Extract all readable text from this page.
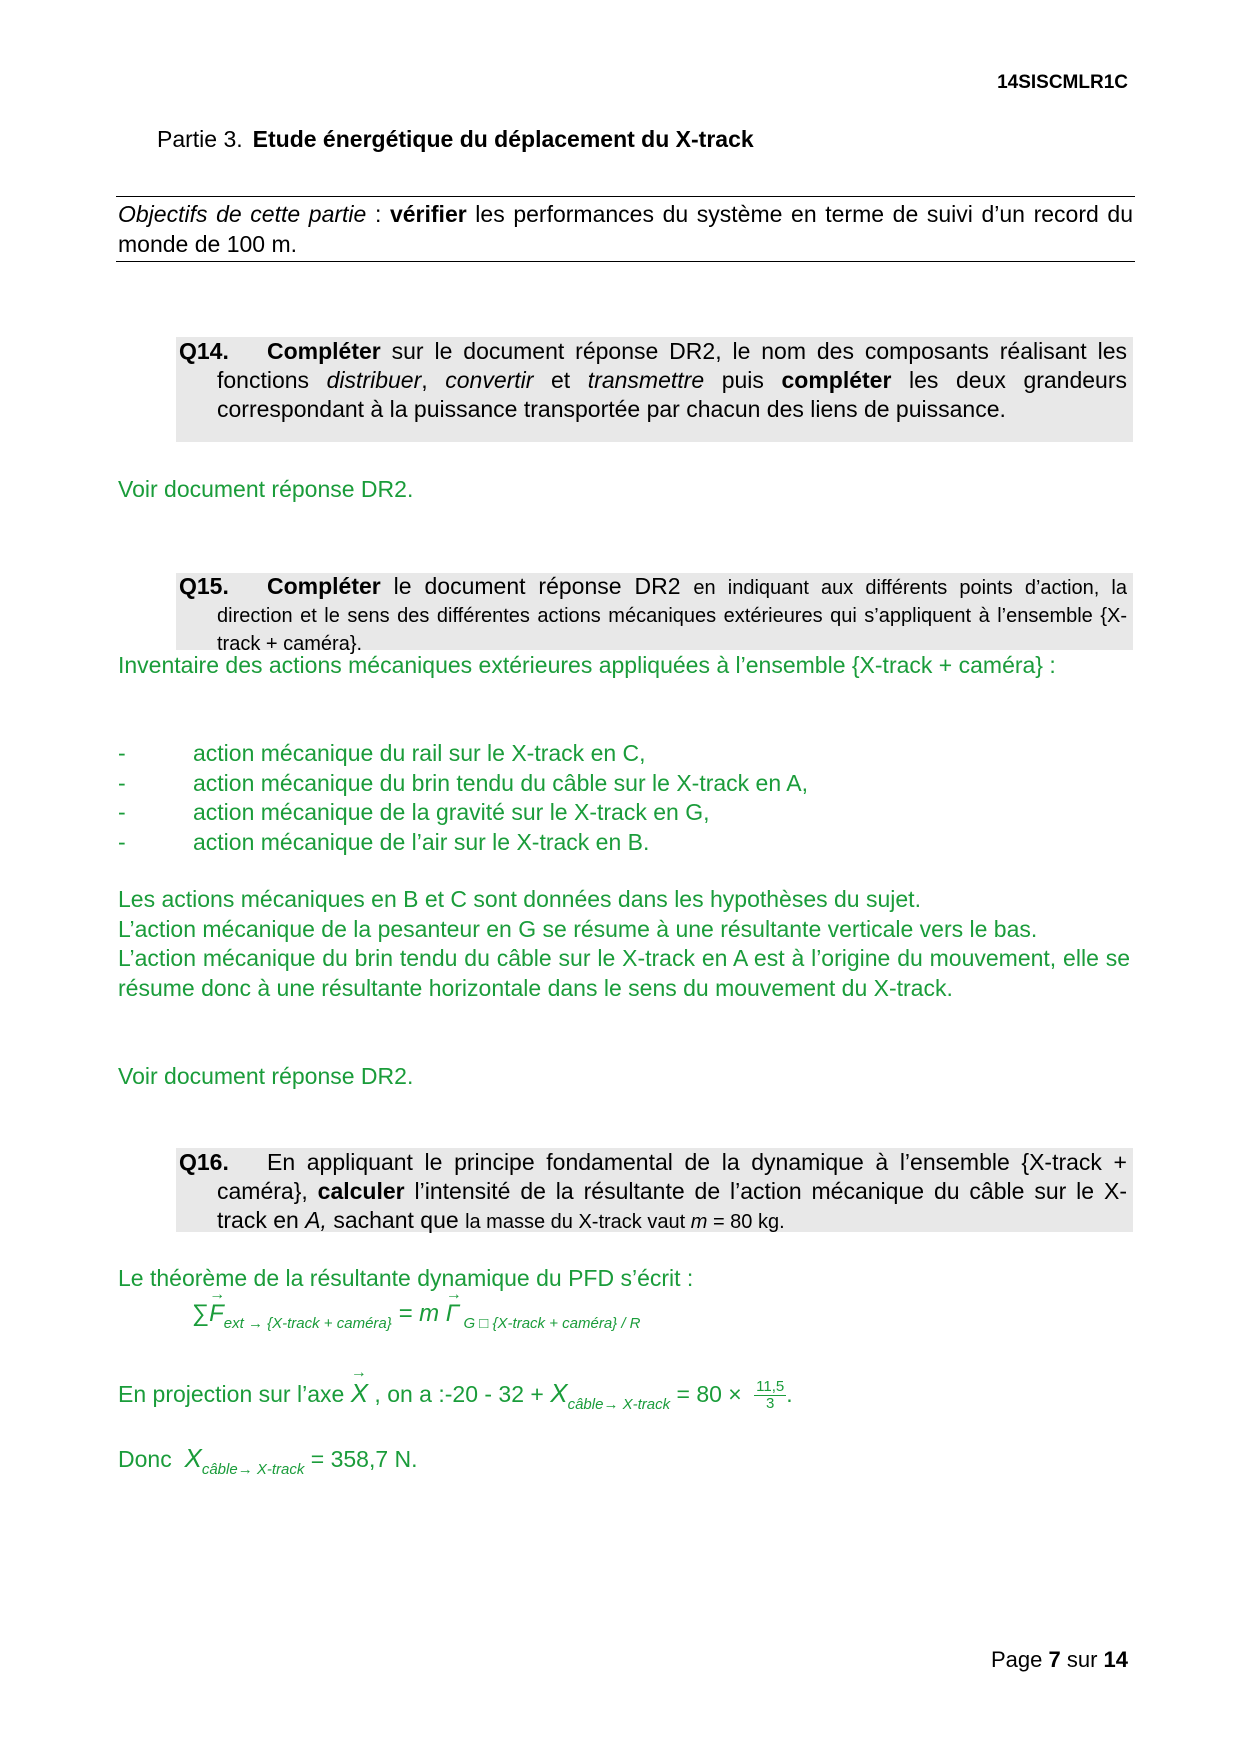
14SISCMLR1C
Partie 3. Etude énergétique du déplacement du X-track
Objectifs de cette partie : vérifier les performances du système en terme de suivi d’un record du monde de 100 m.
Q14.	Compléter sur le document réponse DR2, le nom des composants réalisant les fonctions distribuer, convertir et transmettre puis compléter les deux grandeurs correspondant à la puissance transportée par chacun des liens de puissance.
Voir document réponse DR2.
Q15.	Compléter le document réponse DR2 en indiquant aux différents points d’action, la direction et le sens des différentes actions mécaniques extérieures qui s’appliquent à l’ensemble {X-track + caméra}.
Inventaire des actions mécaniques extérieures appliquées à l’ensemble {X-track + caméra} :
-	action mécanique du rail sur le X-track en C,
-	action mécanique du brin tendu du câble sur le X-track en A,
-	action mécanique de la gravité sur le X-track en G,
-	action mécanique de l’air sur le X-track en B.
Les actions mécaniques en B et C sont données dans les hypothèses du sujet.
L’action mécanique de la pesanteur en G se résume à une résultante verticale vers le bas.
L’action mécanique du brin tendu du câble sur le X-track en A est à l’origine du mouvement, elle se résume donc à une résultante horizontale dans le sens du mouvement du X-track.
Voir document réponse DR2.
Q16.	En appliquant le principe fondamental de la dynamique à l’ensemble {X-track + caméra}, calculer l’intensité de la résultante de l’action mécanique du câble sur le X-track en A, sachant que la masse du X-track vaut m = 80 kg.
Le théorème de la résultante dynamique du PFD s’écrit :
∑→ $F_{ext \to \{X-track + caméra\}} = m \to \Gamma$ $_{G □ \{X-track + caméra\} / R}$
En projection sur l’axe → X , on a :-20 - $32 + X_{câble\to X-track} = 80 \times \frac{11,5}{3}$ .
Donc  $X_{câble\to X-track} = 358,7$ N.
Page 7 sur 14
